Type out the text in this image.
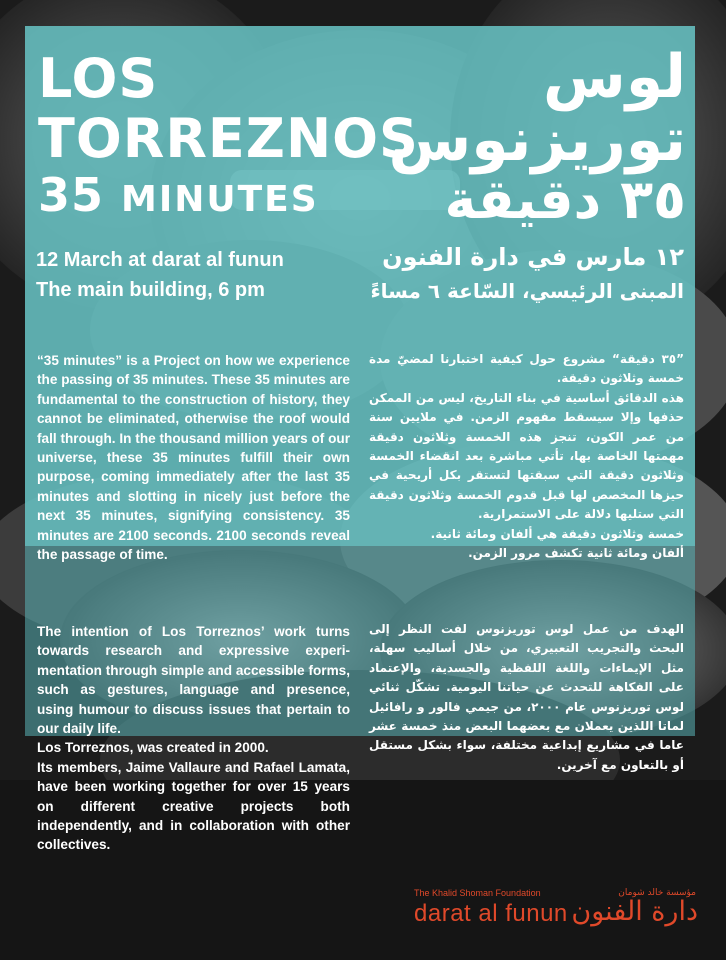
LOS
TORREZNOS
35 MINUTES
لوس
توريزنوس
٣٥ دقيقة
12 March at darat al funun
The main building, 6 pm
١٢ مارس في دارة الفنون
المبنى الرئيسي، السّاعة ٦ مساءً

“35 minutes” is a Project on how we experience the passing of 35 minutes. These 35 minutes are fundamental to the construction of history, they cannot be eliminated, otherwise the roof would fall through. In the thousand million years of our universe, these 35 minutes fulfill their own purpose, coming immediately after the last 35 minutes and slotting in nicely just before the next 35 minutes, signifying consistency. 35 minutes are 2100 seconds. 2100 seconds reveal the passage of time.

The intention of Los Torreznos’ work turns towards research and expressive experi-mentation through simple and accessible forms, such as gestures, language and presence, using humour to discuss issues that pertain to our daily life.

Los Torreznos, was created in 2000.

Its members, Jaime Vallaure and Rafael Lamata, have been working together for over 15 years on different creative projects both independently, and in collaboration with other collectives.

”٣٥ دقيقة“ مشروع حول كيفية اختبارنا لمضيّ مدة خمسة وثلاثون دقيقة.

هذه الدقائق أساسية في بناء التاريخ، ليس من الممكن حذفها وإلا سيسقط مفهوم الزمن. في ملايين سنة من عمر الكون، تنجز هذه الخمسة وثلاثون دقيقة مهمتها الخاصة بها، تأتي مباشرة بعد انقضاء الخمسة وثلاثون دقيقة التي سبقتها لتستقر بكل أريحية في حيزها المخصص لها قبل قدوم الخمسة وثلاثون دقيقة التي ستليها دلالة على الاستمرارية.

خمسة وثلاثون دقيقة هي ألفان ومائة ثانية.

ألفان ومائة ثانية تكشف مرور الزمن.

الهدف من عمل لوس توريزنوس لفت النظر إلى البحث والتجريب التعبيري، من خلال أساليب سهلة، مثل الإيماءات واللغة اللفظية والجسدية، والإعتماد على الفكاهة للتحدث عن حياتنا اليومية. تشكّل ثنائي لوس توريزنوس عام ٢٠٠٠، من جيمي فالور و رافائيل لماتا اللذين يعملان مع بعضهما البعض منذ خمسة عشر عاما في مشاريع إبداعية مختلفة، سواء بشكل مستقل أو بالتعاون مع آخرين.

The Khalid Shoman Foundation
darat al funun
مؤسسة خالد شومان
دارة الفنون
